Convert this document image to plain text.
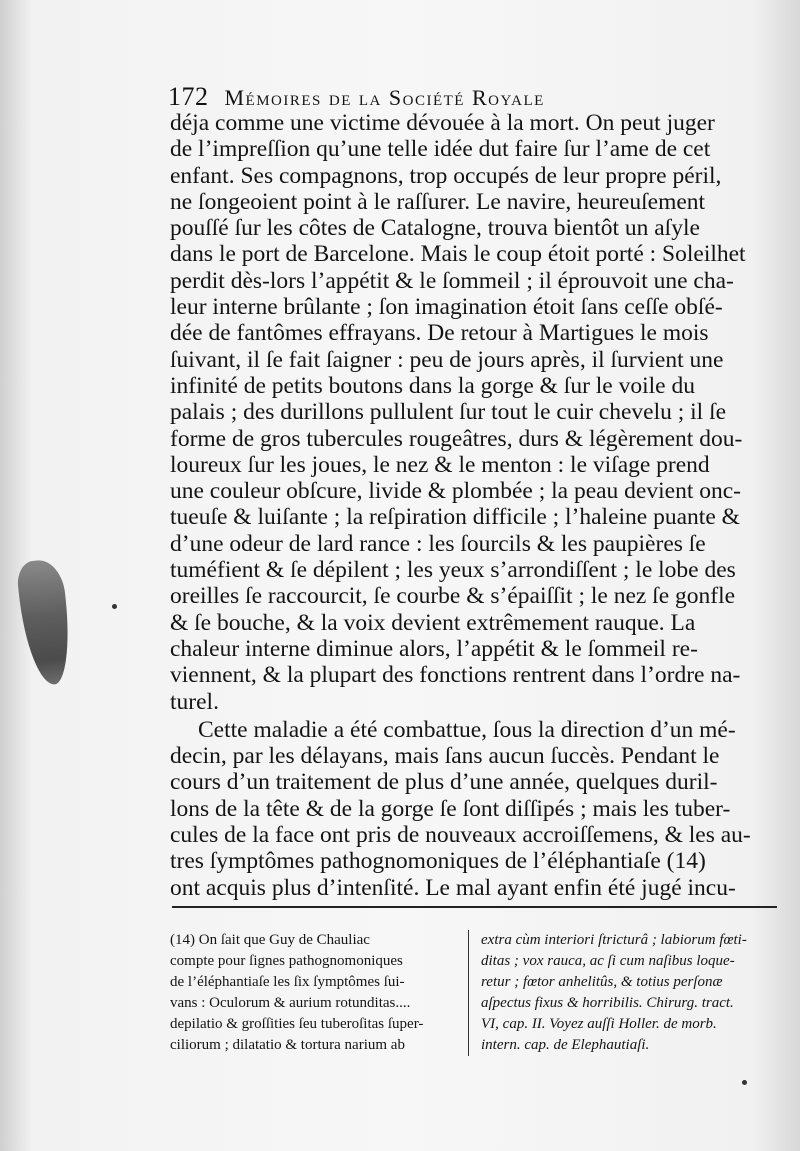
172 Mémoires de la Société Royale
déja comme une victime dévouée à la mort. On peut juger
de l’impreſſion qu’une telle idée dut faire ſur l’ame de cet
enfant. Ses compagnons, trop occupés de leur propre péril,
ne ſongeoient point à le raſſurer. Le navire, heureuſement
pouſſé ſur les côtes de Catalogne, trouva bientôt un aſyle
dans le port de Barcelone. Mais le coup étoit porté : Soleilhet
perdit dès-lors l’appétit & le ſommeil ; il éprouvoit une cha-
leur interne brûlante ; ſon imagination étoit ſans ceſſe obſé-
dée de fantômes effrayans. De retour à Martigues le mois
ſuivant, il ſe fait ſaigner : peu de jours après, il ſurvient une
infinité de petits boutons dans la gorge & ſur le voile du
palais ; des durillons pullulent ſur tout le cuir chevelu ; il ſe
forme de gros tubercules rougeâtres, durs & légèrement dou-
loureux ſur les joues, le nez & le menton : le viſage prend
une couleur obſcure, livide & plombée ; la peau devient onc-
tueuſe & luiſante ; la reſpiration difficile ; l’haleine puante &
d’une odeur de lard rance : les ſourcils & les paupières ſe
tuméfient & ſe dépilent ; les yeux s’arrondiſſent ; le lobe des
oreilles ſe raccourcit, ſe courbe & s’épaiſſit ; le nez ſe gonfle
& ſe bouche, & la voix devient extrêmement rauque. La
chaleur interne diminue alors, l’appétit & le ſommeil re-
viennent, & la plupart des fonctions rentrent dans l’ordre na-
turel.
Cette maladie a été combattue, ſous la direction d’un mé-
decin, par les délayans, mais ſans aucun ſuccès. Pendant le
cours d’un traitement de plus d’une année, quelques duril-
lons de la tête & de la gorge ſe ſont diſſipés ; mais les tuber-
cules de la face ont pris de nouveaux accroiſſemens, & les au-
tres ſymptômes pathognomoniques de l’éléphantiaſe (14)
ont acquis plus d’intenſité. Le mal ayant enfin été jugé incu-
(14) On ſait que Guy de Chauliac
compte pour ſignes pathognomoniques
de l’éléphantiaſe les ſix ſymptômes ſui-
vans : Oculorum & aurium rotunditas....
depilatio & groſſities ſeu tuberoſitas ſuper-
ciliorum ; dilatatio & tortura narium ab
extra cùm interiori ſtricturâ ; labiorum fœti-
ditas ; vox rauca, ac ſi cum naſibus loque-
retur ; fœtor anhelitûs, & totius perſonæ
aſpectus fixus & horribilis. Chirurg. tract.
VI, cap. II. Voyez auſſi Holler. de morb.
intern. cap. de Elephautiaſi.
